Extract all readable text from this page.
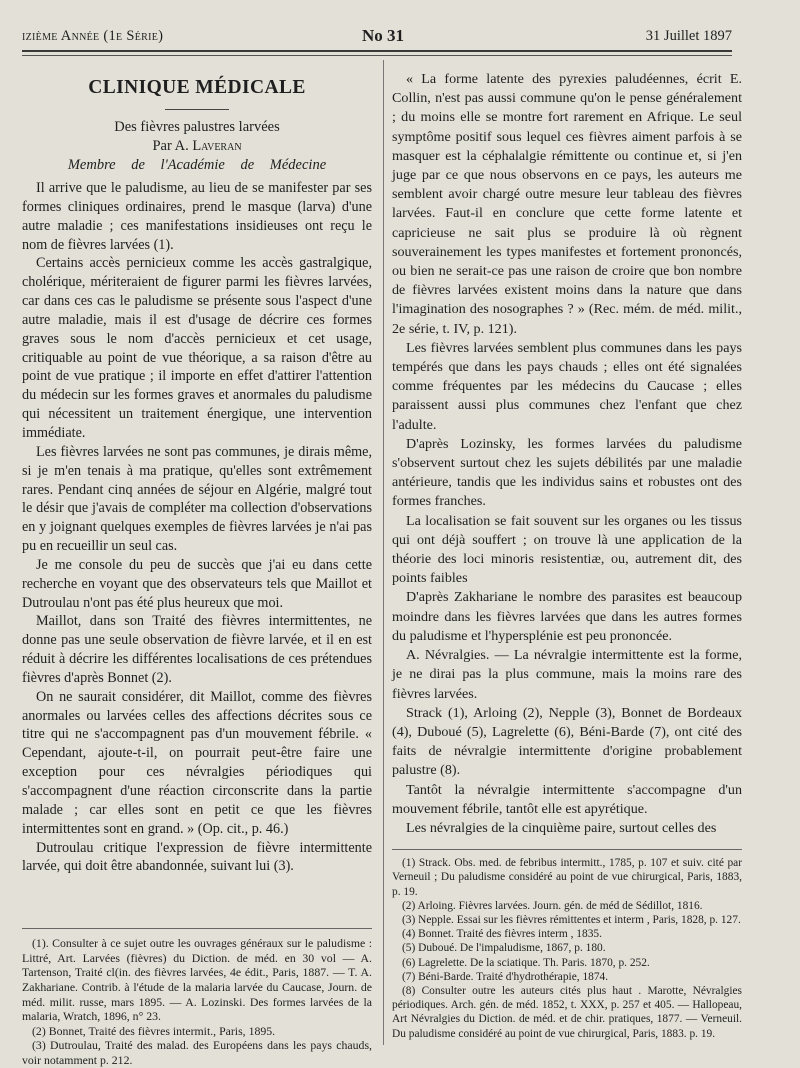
ızıème Année (1e Série)	No 31	31 Juillet 1897
CLINIQUE MÉDICALE

Des fièvres palustres larvées

Par A. Laveran

Membre de l'Académie de Médecine

Il arrive que le paludisme, au lieu de se manifester par ses formes cliniques ordinaires, prend le masque (larva) d'une autre maladie ; ces manifestations insidieuses ont reçu le nom de fièvres larvées (1).

Certains accès pernicieux comme les accès gastralgique, cholérique, mériteraient de figurer parmi les fièvres larvées, car dans ces cas le paludisme se présente sous l'aspect d'une autre maladie, mais il est d'usage de décrire ces formes graves sous le nom d'accès pernicieux et cet usage, critiquable au point de vue théorique, a sa raison d'être au point de vue pratique ; il importe en effet d'attirer l'attention du médecin sur les formes graves et anormales du paludisme qui nécessitent un traitement énergique, une intervention immédiate.

Les fièvres larvées ne sont pas communes, je dirais même, si je m'en tenais à ma pratique, qu'elles sont extrêmement rares. Pendant cinq années de séjour en Algérie, malgré tout le désir que j'avais de compléter ma collection d'observations en y joignant quelques exemples de fièvres larvées je n'ai pas pu en recueillir un seul cas.

Je me console du peu de succès que j'ai eu dans cette recherche en voyant que des observateurs tels que Maillot et Dutroulau n'ont pas été plus heureux que moi.

Maillot, dans son Traité des fièvres intermittentes, ne donne pas une seule observation de fièvre larvée, et il en est réduit à décrire les différentes localisations de ces prétendues fièvres d'après Bonnet (2).

On ne saurait considérer, dit Maillot, comme des fièvres anormales ou larvées celles des affections décrites sous ce titre qui ne s'accompagnent pas d'un mouvement fébrile. « Cependant, ajoute-t-il, on pourrait peut-être faire une exception pour ces névralgies périodiques qui s'accompagnent d'une réaction circonscrite dans la partie malade ; car elles sont en petit ce que les fièvres intermittentes sont en grand. » (Op. cit., p. 46.)

Dutroulau critique l'expression de fièvre intermittente larvée, qui doit être abandonnée, suivant lui (3).

(1). Consulter à ce sujet outre les ouvrages généraux sur le paludisme : Littré, Art. Larvées (fièvres) du Diction. de méd. en 30 vol — A. Tartenson, Traité cl(in. des fièvres larvées, 4e édit., Paris, 1887. — T. A. Zakhariane. Contrib. à l'étude de la malaria larvée du Caucase, Journ. de méd. milit. russe, mars 1895. — A. Lozinski. Des formes larvées de la malaria, Wratch, 1896, n° 23.

(2) Bonnet, Traité des fièvres intermit., Paris, 1895.

(3) Dutroulau, Traité des malad. des Européens dans les pays chauds, voir notamment p. 212.

« La forme latente des pyrexies paludéennes, écrit E. Collin, n'est pas aussi commune qu'on le pense généralement ; du moins elle se montre fort rarement en Afrique. Le seul symptôme positif sous lequel ces fièvres aiment parfois à se masquer est la céphalalgie rémittente ou continue et, si j'en juge par ce que nous observons en ce pays, les auteurs me semblent avoir chargé outre mesure leur tableau des fièvres larvées. Faut-il en conclure que cette forme latente et capricieuse ne sait plus se produire là où règnent souverainement les types manifestes et fortement prononcés, ou bien ne serait-ce pas une raison de croire que bon nombre de fièvres larvées existent moins dans la nature que dans l'imagination des nosographes ? » (Rec. mém. de méd. milit., 2e série, t. IV, p. 121).

Les fièvres larvées semblent plus communes dans les pays tempérés que dans les pays chauds ; elles ont été signalées comme fréquentes par les médecins du Caucase ; elles paraissent aussi plus communes chez l'enfant que chez l'adulte.

D'après Lozinsky, les formes larvées du paludisme s'observent surtout chez les sujets débilités par une maladie antérieure, tandis que les individus sains et robustes ont des formes franches.

La localisation se fait souvent sur les organes ou les tissus qui ont déjà souffert ; on trouve là une application de la théorie des loci minoris resistentiæ, ou, autrement dit, des points faibles

D'après Zakhariane le nombre des parasites est beaucoup moindre dans les fièvres larvées que dans les autres formes du paludisme et l'hypersplénie est peu prononcée.

A. Névralgies. — La névralgie intermittente est la forme, je ne dirai pas la plus commune, mais la moins rare des fièvres larvées.

Strack (1), Arloing (2), Nepple (3), Bonnet de Bordeaux (4), Duboué (5), Lagrelette (6), Béni-Barde (7), ont cité des faits de névralgie intermittente d'origine probablement palustre (8).

Tantôt la névralgie intermittente s'accompagne d'un mouvement fébrile, tantôt elle est apyrétique.

Les névralgies de la cinquième paire, surtout celles des

(1) Strack. Obs. med. de febribus intermitt., 1785, p. 107 et suiv. cité par Verneuil ; Du paludisme considéré au point de vue chirurgical, Paris, 1883, p. 19.

(2) Arloing. Fièvres larvées. Journ. gén. de méd de Sédillot, 1816.

(3) Nepple. Essai sur les fièvres rémittentes et interm , Paris, 1828, p. 127.

(4) Bonnet. Traité des fièvres interm , 1835.

(5) Duboué. De l'impaludisme, 1867, p. 180.

(6) Lagrelette. De la sciatique. Th. Paris. 1870, p. 252.

(7) Béni-Barde. Traité d'hydrothérapie, 1874.

(8) Consulter outre les auteurs cités plus haut . Marotte, Névralgies périodiques. Arch. gén. de méd. 1852, t. XXX, p. 257 et 405. — Hallopeau, Art Névralgies du Diction. de méd. et de chir. pratiques, 1877. — Verneuil. Du paludisme considéré au point de vue chirurgical, Paris, 1883. p. 19.
